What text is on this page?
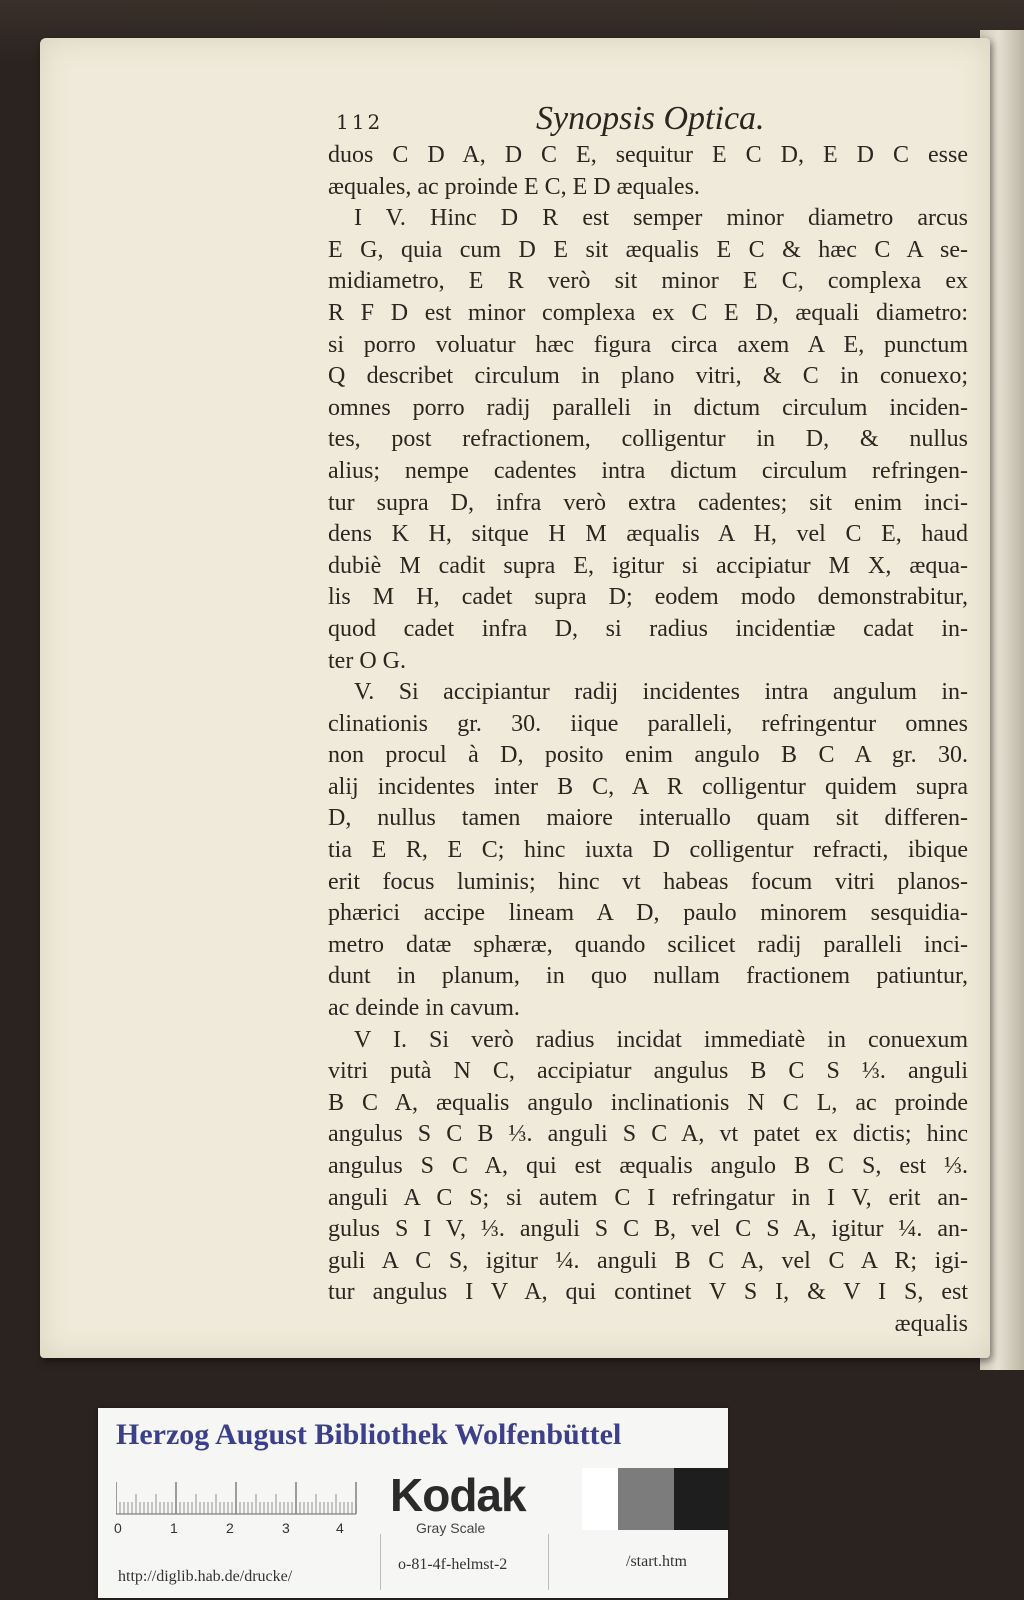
112	Synopsis Optica.
duos C D A, D C E, sequitur E C D, E D C esse
æquales, ac proinde E C, E D æquales.
I V. Hinc D R est semper minor diametro arcus
E G, quia cum D E sit æqualis E C & hæc C A se-
midiametro, E R verò sit minor E C, complexa ex
R F D est minor complexa ex C E D, æquali diametro:
si porro voluatur hæc figura circa axem A E, punctum
Q describet circulum in plano vitri, & C in conuexo;
omnes porro radij paralleli in dictum circulum inciden-
tes, post refractionem, colligentur in D, & nullus
alius; nempe cadentes intra dictum circulum refringen-
tur supra D, infra verò extra cadentes; sit enim inci-
dens K H, sitque H M æqualis A H, vel C E, haud
dubiè M cadit supra E, igitur si accipiatur M X, æqua-
lis M H, cadet supra D; eodem modo demonstrabitur,
quod cadet infra D, si radius incidentiæ cadat in-
ter O G.
V. Si accipiantur radij incidentes intra angulum in-
clinationis gr. 30. iique paralleli, refringentur omnes
non procul à D, posito enim angulo B C A gr. 30.
alij incidentes inter B C, A R colligentur quidem supra
D, nullus tamen maiore interuallo quam sit differen-
tia E R, E C; hinc iuxta D colligentur refracti, ibique
erit focus luminis; hinc vt habeas focum vitri planos-
phærici accipe lineam A D, paulo minorem sesquidia-
metro datæ sphæræ, quando scilicet radij paralleli inci-
dunt in planum, in quo nullam fractionem patiuntur,
ac deinde in cavum.
V I. Si verò radius incidat immediatè in conuexum
vitri putà N C, accipiatur angulus B C S ⅓. anguli
B C A, æqualis angulo inclinationis N C L, ac proinde
angulus S C B ⅓. anguli S C A, vt patet ex dictis; hinc
angulus S C A, qui est æqualis angulo B C S, est ⅓.
anguli A C S; si autem C I refringatur in I V, erit an-
gulus S I V, ⅓. anguli S C B, vel C S A, igitur ¼. an-
guli A C S, igitur ¼. anguli B C A, vel C A R; igi-
tur angulus I V A, qui continet V S I, & V I S, est
æqualis
Herzog August Bibliothek Wolfenbüttel
0	1	2	3	4
Kodak
Gray Scale
http://diglib.hab.de/drucke/
o-81-4f-helmst-2	/start.htm
